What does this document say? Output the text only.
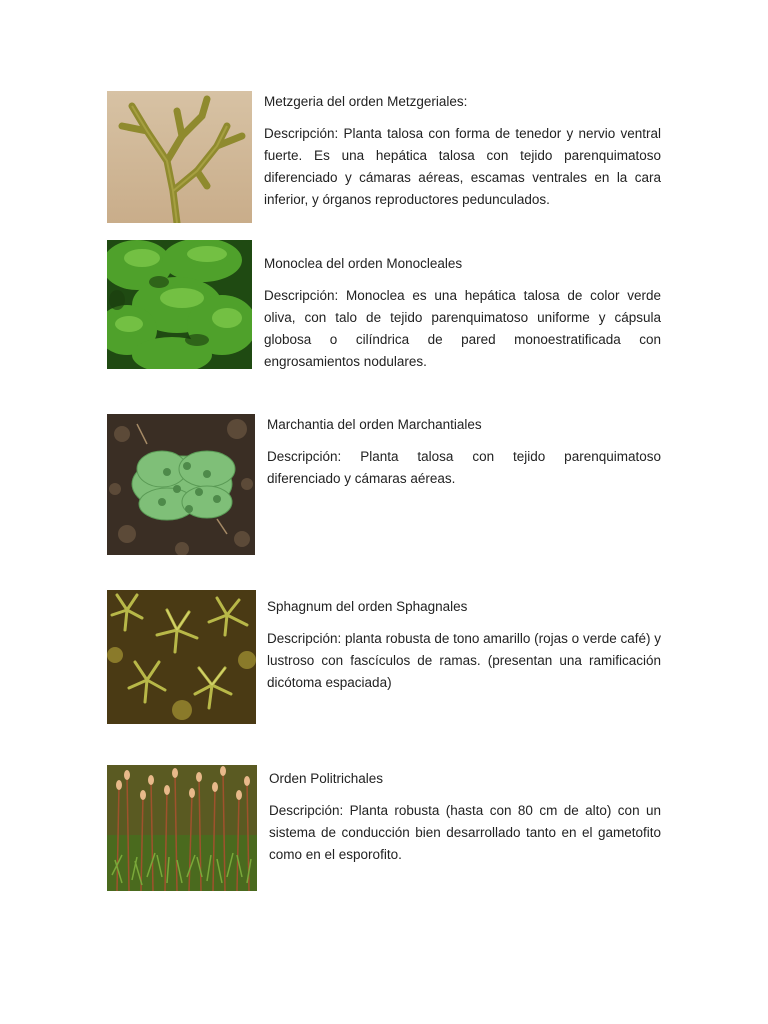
Metzgeria del orden Metzgeriales:

Descripción: Planta talosa con forma de tenedor y nervio ventral fuerte. Es una hepática talosa con tejido parenquimatoso diferenciado y cámaras aéreas, escamas ventrales en la cara inferior, y órganos reproductores pedunculados.

Monoclea del orden Monocleales

Descripción: Monoclea es una hepática talosa de color verde oliva, con talo de tejido parenquimatoso uniforme y cápsula globosa o cilíndrica de pared monoestratificada con engrosamientos nodulares.

Marchantia del orden Marchantiales

Descripción: Planta talosa con tejido parenquimatoso diferenciado y cámaras aéreas.

Sphagnum del orden Sphagnales

Descripción: planta robusta de tono amarillo (rojas o verde café) y lustroso con fascículos de ramas. (presentan una ramificación dicótoma espaciada)

Orden Politrichales

Descripción: Planta robusta (hasta con 80 cm de alto) con un sistema de conducción bien desarrollado tanto en el gametofito como en el esporofito.
